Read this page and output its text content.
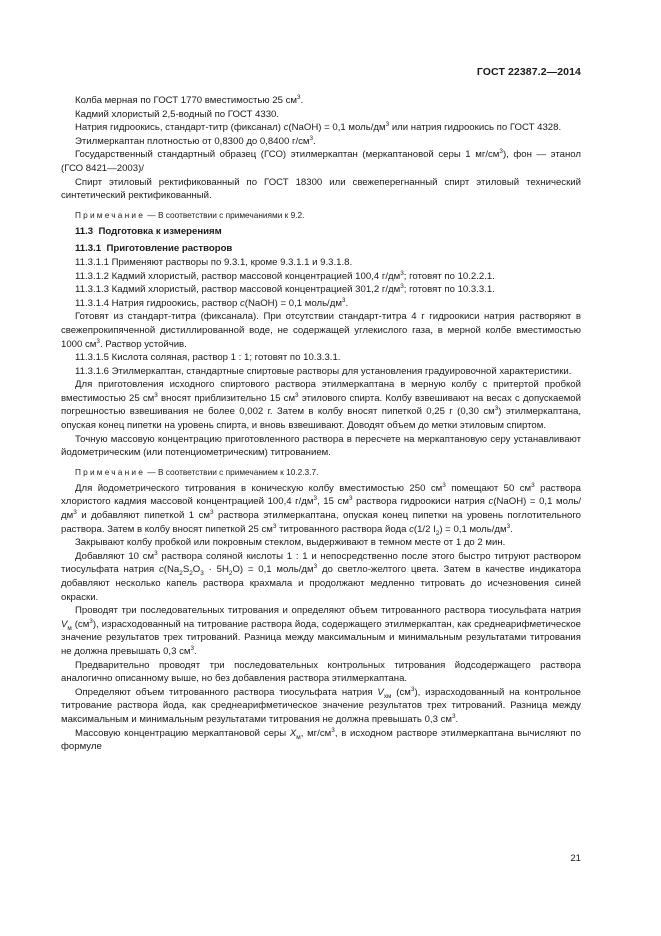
ГОСТ 22387.2—2014

Колба мерная по ГОСТ 1770 вместимостью 25 $см^3$.

Кадмий хлористый 2,5-водный по ГОСТ 4330.

Натрия гидроокись, стандарт-титр (фиксанал) c(NaOH) = 0,1 моль/$дм^3$ или натрия гидроокись по ГОСТ 4328.

Этилмеркаптан плотностью от 0,8300 до 0,8400 $г/см^3$.

Государственный стандартный образец (ГСО) этилмеркаптан (меркаптановой серы 1 $мг/см^3$), фон — этанол (ГСО 8421—2003)/

Спирт этиловый ректификованный по ГОСТ 18300 или свежеперегнанный спирт этиловый технический синтетический ректификованный.

Примечание — В соответствии с примечаниями к 9.2.

11.3 Подготовка к измерениям

11.3.1 Приготовление растворов

11.3.1.1 Применяют растворы по 9.3.1, кроме 9.3.1.1 и 9.3.1.8.

11.3.1.2 Кадмий хлористый, раствор массовой концентрацией 100,4 $г/дм^3$; готовят по 10.2.2.1.

11.3.1.3 Кадмий хлористый, раствор массовой концентрацией 301,2 $г/дм^3$; готовят по 10.3.3.1.

11.3.1.4 Натрия гидроокись, раствор c(NaOH) = 0,1 моль/$дм^3$.

Готовят из стандарт-титра (фиксанала). При отсутствии стандарт-титра 4 г гидроокиси натрия растворяют в свежепрокипяченной дистиллированной воде, не содержащей углекислого газа, в мерной колбе вместимостью 1000 $см^3$. Раствор устойчив.

11.3.1.5 Кислота соляная, раствор 1 : 1; готовят по 10.3.3.1.

11.3.1.6 Этилмеркаптан, стандартные спиртовые растворы для установления градуировочной характеристики.

Для приготовления исходного спиртового раствора этилмеркаптана в мерную колбу с притертой пробкой вместимостью 25 $см^3$ вносят приблизительно 15 $см^3$ этилового спирта. Колбу взвешивают на весах с допускаемой погрешностью взвешивания не более 0,002 г. Затем в колбу вносят пипеткой 0,25 г (0,30 $см^3$) этилмеркаптана, опуская конец пипетки на уровень спирта, и вновь взвешивают. Доводят объем до метки этиловым спиртом.

Точную массовую концентрацию приготовленного раствора в пересчете на меркаптановую серу устанавливают йодометрическим (или потенциометрическим) титрованием.

Примечание — В соответствии с примечанием к 10.2.3.7.

Для йодометрического титрования в коническую колбу вместимостью 250 $см^3$ помещают 50 $см^3$ раствора хлористого кадмия массовой концентрацией 100,4 $г/дм^3$, 15 $см^3$ раствора гидроокиси натрия c(NaOH) = 0,1 моль/$дм^3$ и добавляют пипеткой 1 $см^3$ раствора этилмеркаптана, опуская конец пипетки на уровень поглотительного раствора. Затем в колбу вносят пипеткой 25 $см^3$ титрованного раствора йода c(1/2 $I_2) = 0,1$ моль/$дм^3$.

Закрывают колбу пробкой или покровным стеклом, выдерживают в темном месте от 1 до 2 мин.

Добавляют 10 $см^3$ раствора соляной кислоты 1 : 1 и непосредственно после этого быстро титруют раствором тиосульфата натрия $c(Na_2S_2O_3 \cdot 5H_2O) = 0,1$ моль/$дм^3$ до светло-желтого цвета. Затем в качестве индикатора добавляют несколько капель раствора крахмала и продолжают медленно титровать до исчезновения синей окраски.

Проводят три последовательных титрования и определяют объем титрованного раствора тиосульфата натрия $V_м$ $(см^3)$, израсходованный на титрование раствора йода, содержащего этилмеркаптан, как среднеарифметическое значение результатов трех титрований. Разница между максимальным и минимальным результатами титрования не должна превышать 0,3 $см^3$.

Предварительно проводят три последовательных контрольных титрования йодсодержащего раствора аналогично описанному выше, но без добавления раствора этилмеркаптана.

Определяют объем титрованного раствора тиосульфата натрия $V_{хм}$ $(см^3)$, израсходованный на контрольное титрование раствора йода, как среднеарифметическое значение результатов трех титрований. Разница между максимальным и минимальным результатами титрования не должна превышать 0,3 $см^3$.

Массовую концентрацию меркаптановой серы $X_м$, $мг/см^3$, в исходном растворе этилмеркаптана вычисляют по формуле

21
